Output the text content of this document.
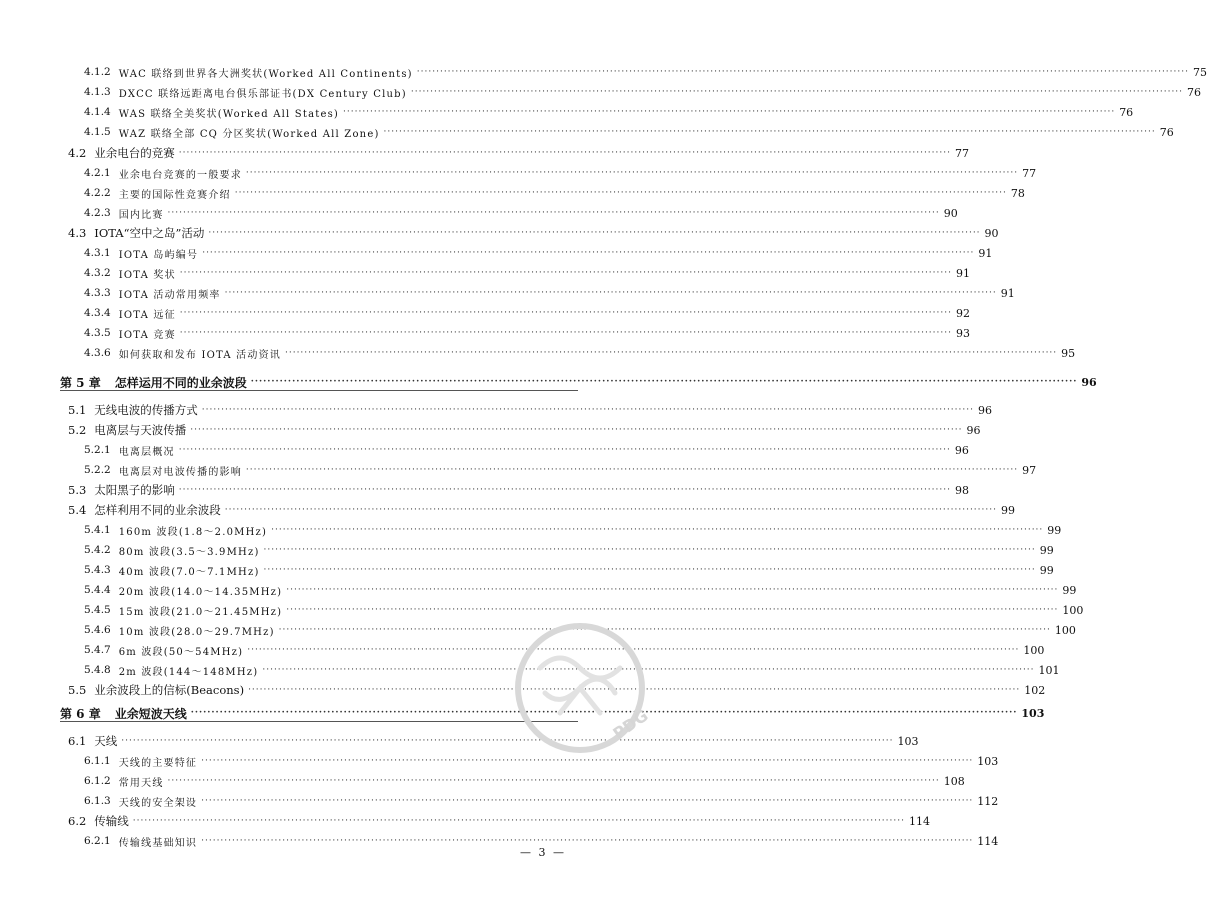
4.1.2 WAC 联络到世界各大洲奖状(Worked All Continents) ········································································································································································································ 75
4.1.3 DXCC 联络远距离电台俱乐部证书(DX Century Club) ········································································································································································································ 76
4.1.4 WAS 联络全美奖状(Worked All States) ········································································································································································································ 76
4.1.5 WAZ 联络全部 CQ 分区奖状(Worked All Zone) ········································································································································································································ 76
4.2 业余电台的竞赛 ········································································································································································································ 77
4.2.1 业余电台竞赛的一般要求 ········································································································································································································ 77
4.2.2 主要的国际性竞赛介绍 ········································································································································································································ 78
4.2.3 国内比赛 ········································································································································································································ 90
4.3 IOTA“空中之岛”活动 ········································································································································································································ 90
4.3.1 IOTA 岛屿编号 ········································································································································································································ 91
4.3.2 IOTA 奖状 ········································································································································································································ 91
4.3.3 IOTA 活动常用频率 ········································································································································································································ 91
4.3.4 IOTA 远征 ········································································································································································································ 92
4.3.5 IOTA 竞赛 ········································································································································································································ 93
4.3.6 如何获取和发布 IOTA 活动资讯 ········································································································································································································ 95
第 5 章 怎样运用不同的业余波段 ········································································································································································································ 96
5.1 无线电波的传播方式 ········································································································································································································ 96
5.2 电离层与天波传播 ········································································································································································································ 96
5.2.1 电离层概况 ········································································································································································································ 96
5.2.2 电离层对电波传播的影响 ········································································································································································································ 97
5.3 太阳黑子的影响 ········································································································································································································ 98
5.4 怎样利用不同的业余波段 ········································································································································································································ 99
5.4.1 160m 波段(1.8～2.0MHz) ········································································································································································································ 99
5.4.2 80m 波段(3.5～3.9MHz) ········································································································································································································ 99
5.4.3 40m 波段(7.0～7.1MHz) ········································································································································································································ 99
5.4.4 20m 波段(14.0～14.35MHz) ········································································································································································································ 99
5.4.5 15m 波段(21.0～21.45MHz) ········································································································································································································ 100
5.4.6 10m 波段(28.0～29.7MHz) ········································································································································································································ 100
5.4.7 6m 波段(50～54MHz) ········································································································································································································ 100
5.4.8 2m 波段(144～148MHz) ········································································································································································································ 101
5.5 业余波段上的信标(Beacons) ········································································································································································································ 102
第 6 章 业余短波天线 ········································································································································································································ 103
6.1 天线 ········································································································································································································ 103
6.1.1 天线的主要特征 ········································································································································································································ 103
6.1.2 常用天线 ········································································································································································································ 108
6.1.3 天线的安全架设 ········································································································································································································ 112
6.2 传输线 ········································································································································································································ 114
6.2.1 传输线基础知识 ········································································································································································································ 114
— 3 —
PDG
